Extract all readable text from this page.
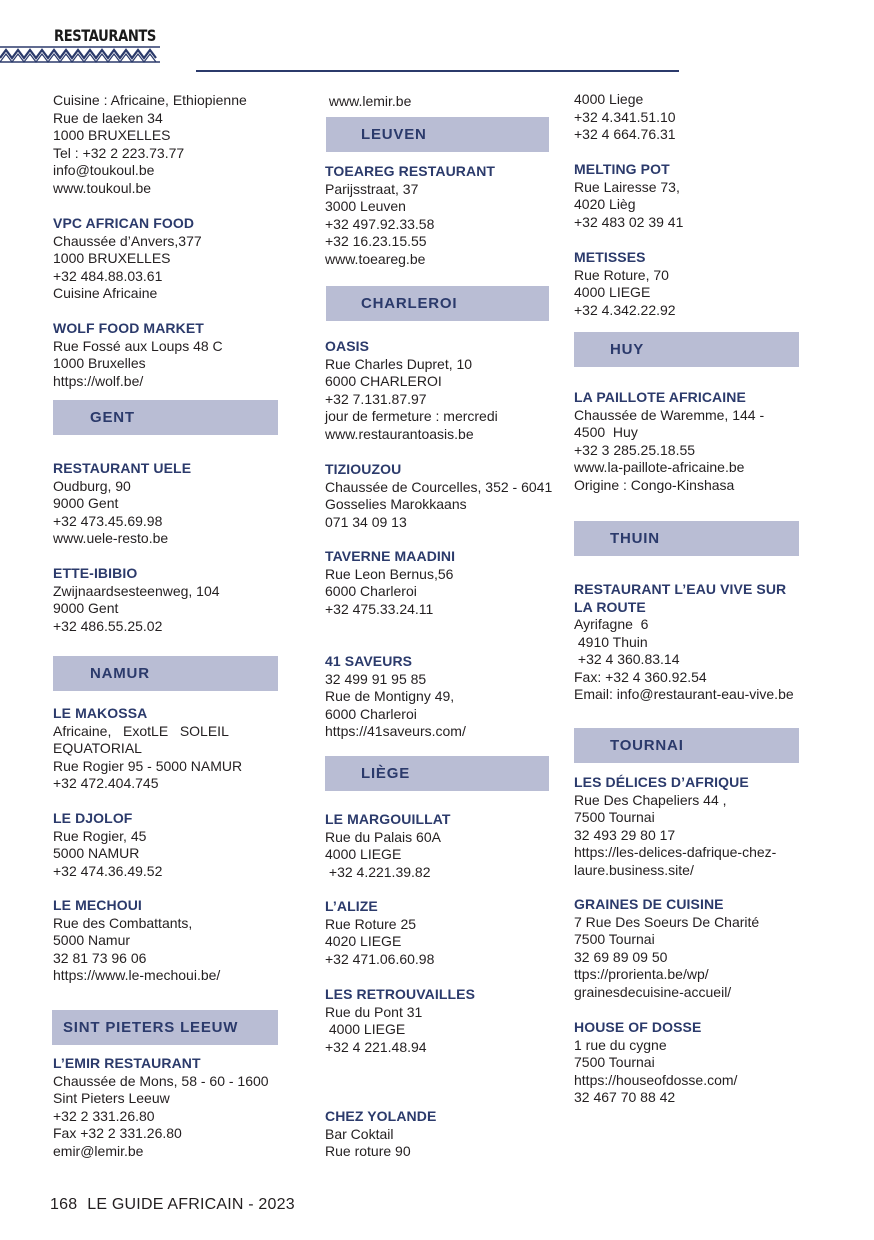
RESTAURANTS
Cuisine : Africaine, Ethiopienne
Rue de laeken 34
1000 BRUXELLES
Tel : +32 2 223.73.77
info@toukoul.be
www.toukoul.be
VPC AFRICAN FOOD
Chaussée d’Anvers,377
1000 BRUXELLES
+32 484.88.03.61
Cuisine Africaine
WOLF FOOD MARKET
Rue Fossé aux Loups 48 C
1000 Bruxelles
https://wolf.be/
GENT
RESTAURANT UELE
Oudburg, 90
9000 Gent
+32 473.45.69.98
www.uele-resto.be
ETTE-IBIBIO
Zwijnaardsesteenweg, 104
9000 Gent
+32 486.55.25.02
NAMUR
LE MAKOSSA
Africaine,   ExotLE   SOLEIL
EQUATORIAL
Rue Rogier 95 - 5000 NAMUR
+32 472.404.745
LE DJOLOF
Rue Rogier, 45
5000 NAMUR
+32 474.36.49.52
LE MECHOUI
Rue des Combattants,
5000 Namur
32 81 73 96 06
https://www.le-mechoui.be/
SINT PIETERS LEEUW
L’EMIR RESTAURANT
Chaussée de Mons, 58 - 60 - 1600
Sint Pieters Leeuw
+32 2 331.26.80
Fax +32 2 331.26.80
emir@lemir.be
www.lemir.be
LEUVEN
TOEAREG RESTAURANT
Parijsstraat, 37
3000 Leuven
+32 497.92.33.58
+32 16.23.15.55
www.toeareg.be
CHARLEROI
OASIS
Rue Charles Dupret, 10
6000 CHARLEROI
+32 7.131.87.97
jour de fermeture : mercredi
www.restaurantoasis.be
TIZIOUZOU
Chaussée de Courcelles, 352 - 6041
Gosselies Marokkaans
071 34 09 13
TAVERNE MAADINI
Rue Leon Bernus,56
6000 Charleroi
+32 475.33.24.11
41 SAVEURS
32 499 91 95 85
Rue de Montigny 49,
6000 Charleroi
https://41saveurs.com/
LIÈGE
LE MARGOUILLAT
Rue du Palais 60A
4000 LIEGE
+32 4.221.39.82
L’ALIZE
Rue Roture 25
4020 LIEGE
+32 471.06.60.98
LES RETROUVAILLES
Rue du Pont 31
4000 LIEGE
+32 4 221.48.94
CHEZ YOLANDE
Bar Coktail
Rue roture 90
4000 Liege
+32 4.341.51.10
+32 4 664.76.31
MELTING POT
Rue Lairesse 73,
4020 Lièg
+32 483 02 39 41
METISSES
Rue Roture, 70
4000 LIEGE
+32 4.342.22.92
HUY
LA PAILLOTE AFRICAINE
Chaussée de Waremme, 144 -
4500  Huy
+32 3 285.25.18.55
www.la-paillote-africaine.be
Origine : Congo-Kinshasa
THUIN
RESTAURANT L’EAU VIVE SUR
LA ROUTE
Ayrifagne  6
4910 Thuin
+32 4 360.83.14
Fax: +32 4 360.92.54
Email: info@restaurant-eau-vive.be
TOURNAI
LES DÉLICES D’AFRIQUE
Rue Des Chapeliers 44 ,
7500 Tournai
32 493 29 80 17
https://les-delices-dafrique-chez-
laure.business.site/
GRAINES DE CUISINE
7 Rue Des Soeurs De Charité
7500 Tournai
32 69 89 09 50
ttps://prorienta.be/wp/
grainesdecuisine-accueil/
HOUSE OF DOSSE
1 rue du cygne
7500 Tournai
https://houseofdosse.com/
32 467 70 88 42
168 LE GUIDE AFRICAIN - 2023
